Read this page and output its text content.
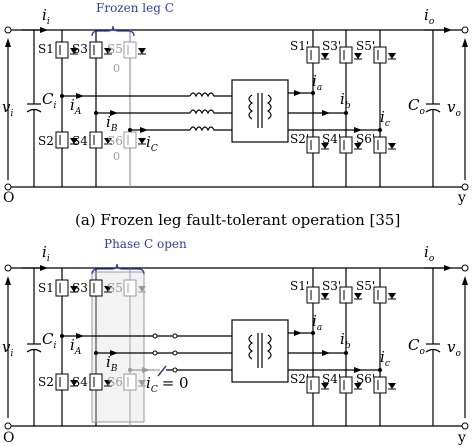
$v_i$
$i_i$
$C_i$
S1 S3 S5
S2 S4 S6
0
0
Frozen leg C
$i_A$
$i_B$
$i_C$
$i_a$
$i_b$
$i_c$
S1' S3' S5'
S2' S4' S6'
$C_o$
$i_o$
$v_o$
O	y
(a) Frozen leg fault-tolerant operation [35]
$v_i$
$i_i$
$C_i$
S1 S3 S5
S2 S4 S6
Phase C open
$i_A$
$i_B$
$i_C = 0$
$i_a$
$i_b$
$i_c$
S1' S3' S5'
S2' S4' S6'
$C_o$
$i_o$
$v_o$
O	y
